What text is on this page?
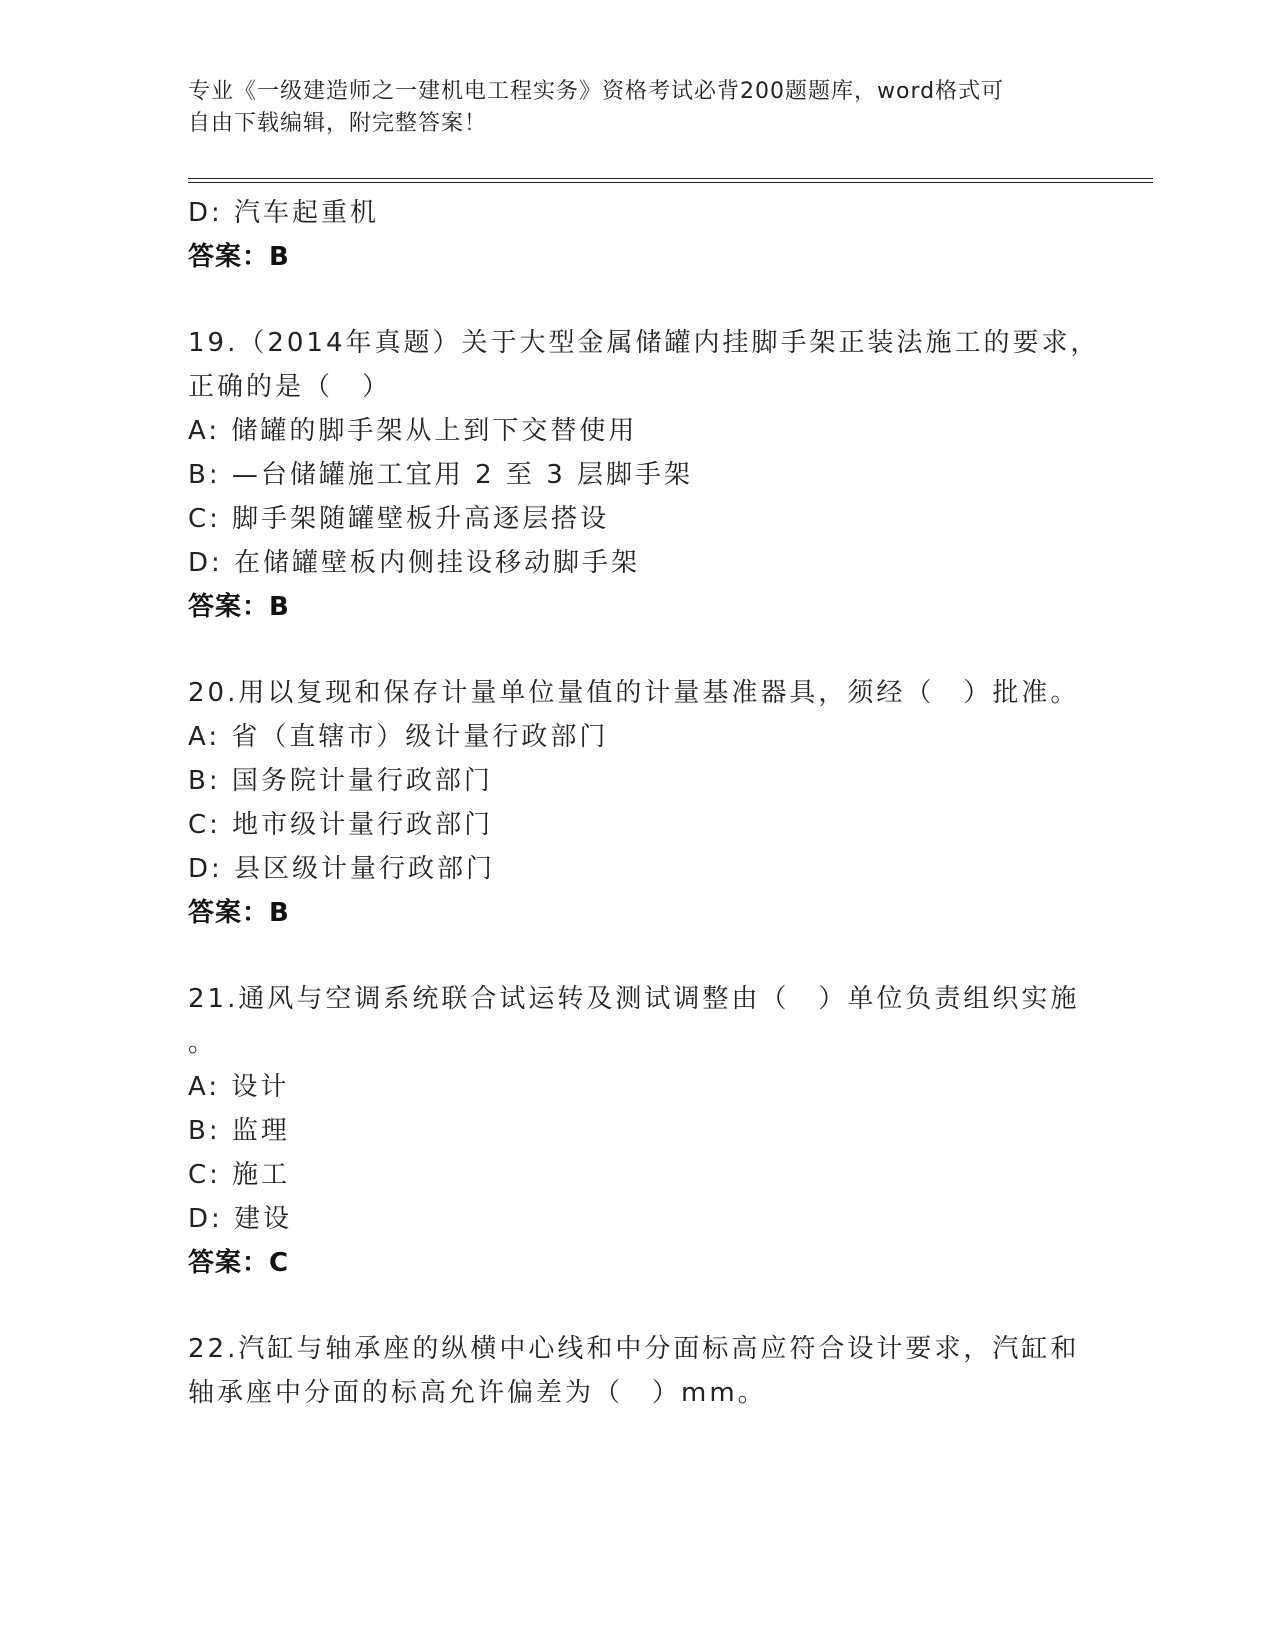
专业《一级建造师之一建机电工程实务》资格考试必背200题题库，word格式可
自由下载编辑，附完整答案！
D: 汽车起重机
答案：B
19.（2014年真题）关于大型金属储罐内挂脚手架正装法施工的要求，
正确的是（　）
A: 储罐的脚手架从上到下交替使用
B: —台储罐施工宜用 2 至 3 层脚手架
C: 脚手架随罐壁板升高逐层搭设
D: 在储罐壁板内侧挂设移动脚手架
答案：B
20.用以复现和保存计量单位量值的计量基准器具，须经（　）批准。
A: 省（直辖市）级计量行政部门
B: 国务院计量行政部门
C: 地市级计量行政部门
D: 县区级计量行政部门
答案：B
21.通风与空调系统联合试运转及测试调整由（　）单位负责组织实施
。
A: 设计
B: 监理
C: 施工
D: 建设
答案：C
22.汽缸与轴承座的纵横中心线和中分面标高应符合设计要求，汽缸和
轴承座中分面的标高允许偏差为（　）mm。
